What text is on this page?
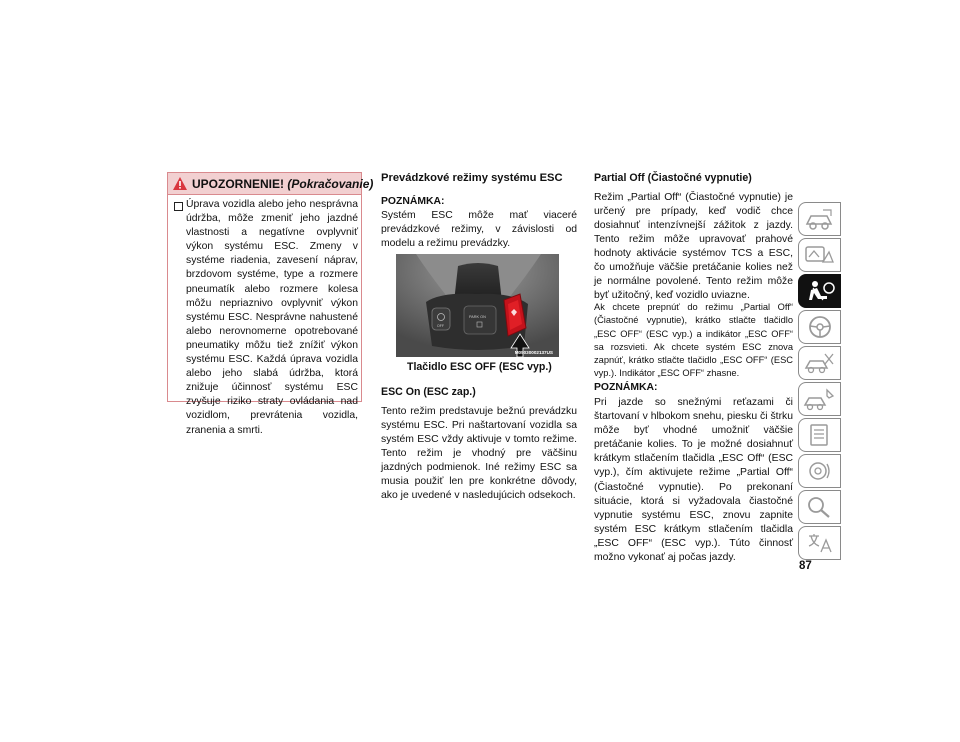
UPOZORNENIE! (Pokračovanie)
Úprava vozidla alebo jeho nesprávna údržba, môže zmeniť jeho jazdné vlastnosti a negatívne ovplyvniť výkon systému ESC. Zmeny v systéme riadenia, zavesení náprav, brzdovom systéme, type a rozmere pneumatík alebo rozmere kolesa môžu nepriaznivo ovplyvniť výkon systému ESC. Nesprávne nahustené alebo nerovnomerne opotrebované pneumatiky môžu tiež znížiť výkon systému ESC. Každá úprava vozidla alebo jeho slabá údržba, ktorá znižuje účinnosť systému ESC zvyšuje riziko straty ovládania nad vozidlom, prevrátenia vozidla, zranenia a smrti.
Prevádzkové režimy systému ESC
POZNÁMKA:
Systém ESC môže mať viaceré prevádzkové režimy, v závislosti od modelu a režimu prevádzky.
OFF
PARK ON
M05030002137US
Tlačidlo ESC OFF (ESC vyp.)
ESC On (ESC zap.)
Tento režim predstavuje bežnú prevádzku systému ESC. Pri naštartovaní vozidla sa systém ESC vždy aktivuje v tomto režime. Tento režim je vhodný pre väčšinu jazdných podmienok. Iné režimy ESC sa musia použiť len pre konkrétne dôvody, ako je uvedené v nasledujúcich odsekoch.
Partial Off (Čiastočné vypnutie)
Režim „Partial Off“ (Čiastočné vypnutie) je určený pre prípady, keď vodič chce dosiahnuť intenzívnejší zážitok z jazdy. Tento režim môže upravovať prahové hodnoty aktivácie systémov TCS a ESC, čo umožňuje väčšie pretáčanie kolies než je normálne povolené. Tento režim môže byť užitočný, keď vozidlo uviazne.
Ak chcete prepnúť do režimu „Partial Off“ (Čiastočné vypnutie), krátko stlačte tlačidlo „ESC OFF“ (ESC vyp.) a indikátor „ESC OFF“ sa rozsvieti. Ak chcete systém ESC znova zapnúť, krátko stlačte tlačidlo „ESC OFF“ (ESC vyp.). Indikátor „ESC OFF“ zhasne.
POZNÁMKA:
Pri jazde so snežnými reťazami či štartovaní v hlbokom snehu, piesku či štrku môže byť vhodné umožniť väčšie pretáčanie kolies. To je možné dosiahnuť krátkym stlačením tlačidla „ESC Off“ (ESC vyp.), čím aktivujete režime „Partial Off“ (Čiastočné vypnutie). Po prekonaní situácie, ktorá si vyžadovala čiastočné vypnutie systému ESC, znovu zapnite systém ESC krátkym stlačením tlačidla „ESC OFF“ (ESC vyp.). Túto činnosť možno vykonať aj počas jazdy.
87
